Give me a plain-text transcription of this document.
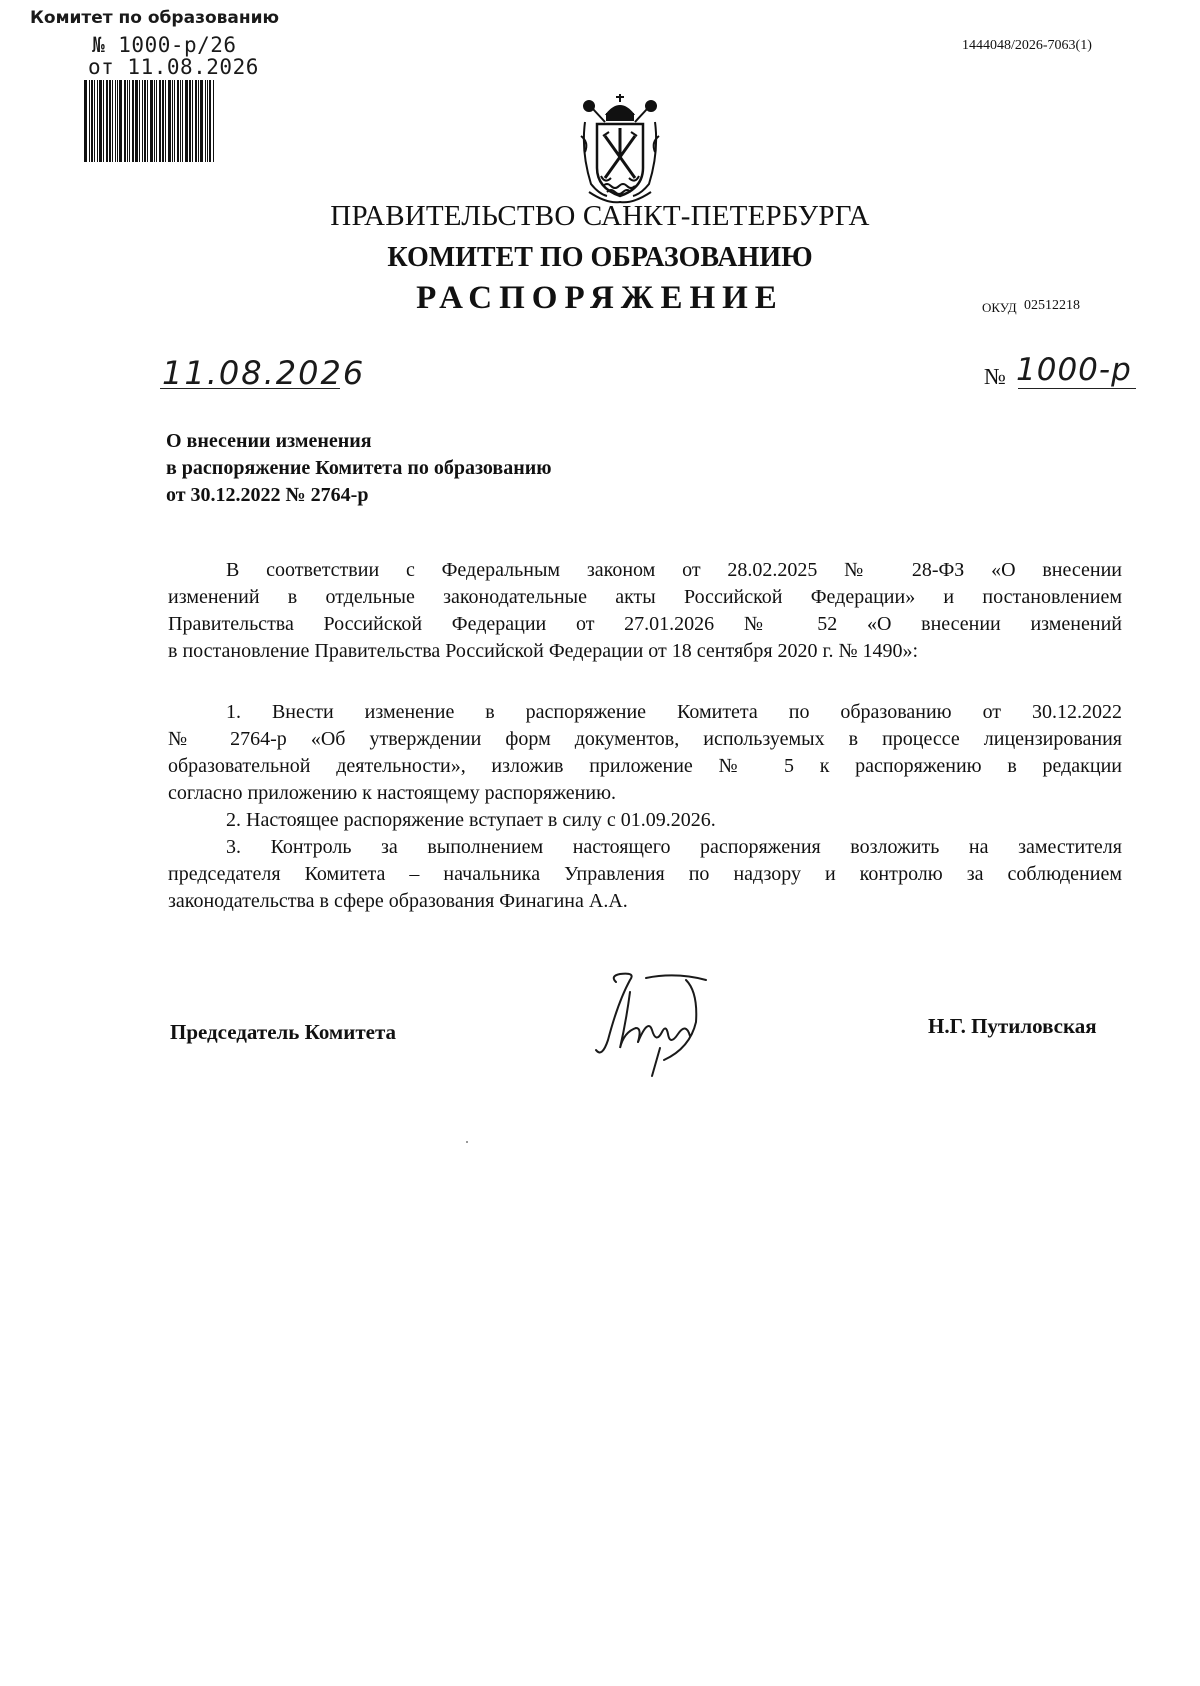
Комитет по образованию
№ 1000-р/26
от 11.08.2026
1444048/2026-7063(1)
ПРАВИТЕЛЬСТВО САНКТ-ПЕТЕРБУРГА
КОМИТЕТ ПО ОБРАЗОВАНИЮ
РАСПОРЯЖЕНИЕ	ОКУД 02512218
11.08.2026	№ 1000-р
О внесении изменения
в распоряжение Комитета по образованию
от 30.12.2022 № 2764-р
В соответствии с Федеральным законом от 28.02.2025 № 28-ФЗ «О внесении
изменений в отдельные законодательные акты Российской Федерации» и постановлением
Правительства Российской Федерации от 27.01.2026 № 52 «О внесении изменений
в постановление Правительства Российской Федерации от 18 сентября 2020 г. № 1490»:
1. Внести изменение в распоряжение Комитета по образованию от 30.12.2022
№ 2764-р «Об утверждении форм документов, используемых в процессе лицензирования
образовательной деятельности», изложив приложение № 5 к распоряжению в редакции
согласно приложению к настоящему распоряжению.
2. Настоящее распоряжение вступает в силу с 01.09.2026.
3. Контроль за выполнением настоящего распоряжения возложить на заместителя
председателя Комитета – начальника Управления по надзору и контролю за соблюдением
законодательства в сфере образования Финагина А.А.
Председатель Комитета	Н.Г. Путиловская
